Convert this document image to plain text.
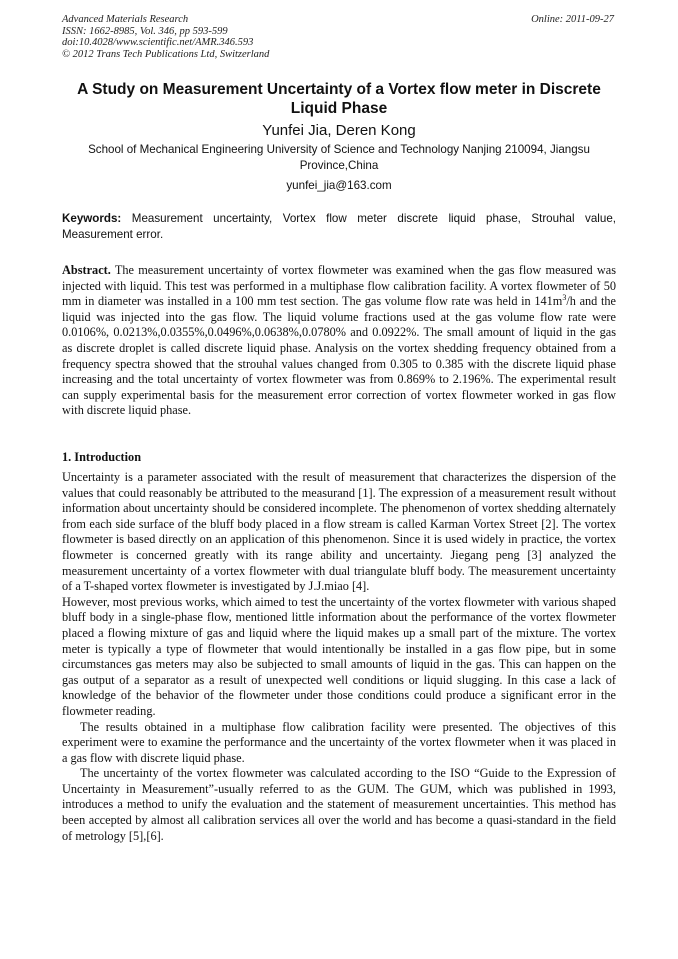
Advanced Materials Research
ISSN: 1662-8985, Vol. 346, pp 593-599
doi:10.4028/www.scientific.net/AMR.346.593
© 2012 Trans Tech Publications Ltd, Switzerland
Online: 2011-09-27
A Study on Measurement Uncertainty of a Vortex flow meter in Discrete Liquid Phase
Yunfei Jia, Deren Kong
School of Mechanical Engineering University of Science and Technology Nanjing 210094, Jiangsu Province,China
yunfei_jia@163.com
Keywords: Measurement uncertainty, Vortex flow meter discrete liquid phase, Strouhal value, Measurement error.
Abstract. The measurement uncertainty of vortex flowmeter was examined when the gas flow measured was injected with liquid. This test was performed in a multiphase flow calibration facility. A vortex flowmeter of 50 mm in diameter was installed in a 100 mm test section. The gas volume flow rate was held in $141m^3/h$ and the liquid was injected into the gas flow. The liquid volume fractions used at the gas volume flow rate were 0.0106%, 0.0213%,0.0355%,0.0496%,0.0638%,0.0780% and 0.0922%. The small amount of liquid in the gas as discrete droplet is called discrete liquid phase. Analysis on the vortex shedding frequency obtained from a frequency spectra showed that the strouhal values changed from 0.305 to 0.385 with the discrete liquid phase increasing and the total uncertainty of vortex flowmeter was from 0.869% to 2.196%. The experimental result can supply experimental basis for the measurement error correction of vortex flowmeter worked in gas flow with discrete liquid phase.
1. Introduction

Uncertainty is a parameter associated with the result of measurement that characterizes the dispersion of the values that could reasonably be attributed to the measurand [1]. The expression of a measurement result without information about uncertainty should be considered incomplete. The phenomenon of vortex shedding alternately from each side surface of the bluff body placed in a flow stream is called Karman Vortex Street [2]. The vortex flowmeter is based directly on an application of this phenomenon. Since it is used widely in practice, the vortex flowmeter is concerned greatly with its range ability and uncertainty. Jiegang peng [3] analyzed the measurement uncertainty of a vortex flowmeter with dual triangulate bluff body. The measurement uncertainty of a T-shaped vortex flowmeter is investigated by J.J.miao [4].

However, most previous works, which aimed to test the uncertainty of the vortex flowmeter with various shaped bluff body in a single-phase flow, mentioned little information about the performance of the vortex flowmeter placed a flowing mixture of gas and liquid where the liquid makes up a small part of the mixture. The vortex meter is typically a type of flowmeter that would intentionally be installed in a gas flow pipe, but in some circumstances gas meters may also be subjected to small amounts of liquid in the gas. This can happen on the gas output of a separator as a result of unexpected well conditions or liquid slugging. In this case a lack of knowledge of the behavior of the flowmeter under those conditions could produce a significant error in the flowmeter reading.

The results obtained in a multiphase flow calibration facility were presented. The objectives of this experiment were to examine the performance and the uncertainty of the vortex flowmeter when it was placed in a gas flow with discrete liquid phase.

The uncertainty of the vortex flowmeter was calculated according to the ISO “Guide to the Expression of Uncertainty in Measurement”-usually referred to as the GUM. The GUM, which was published in 1993, introduces a method to unify the evaluation and the statement of measurement uncertainties. This method has been accepted by almost all calibration services all over the world and has become a quasi-standard in the field of metrology [5],[6].
